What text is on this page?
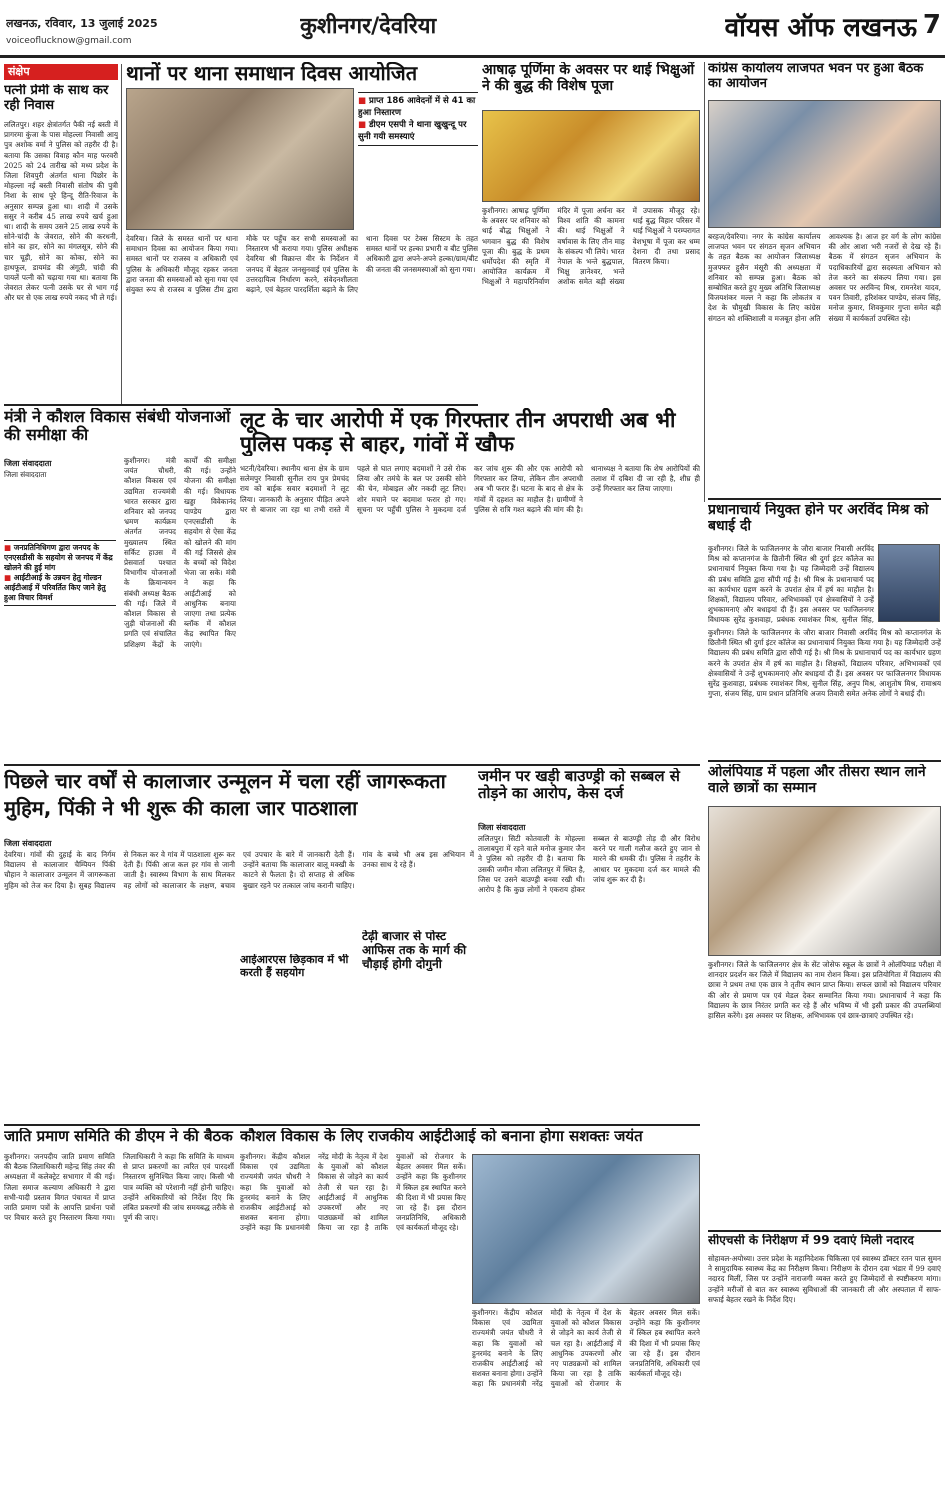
लखनऊ, रविवार, 13 जुलाई 2025
voiceoflucknow@gmail.com
कुशीनगर/देवरिया	वॉयस ऑफ लखनऊ 7
संक्षेप
पत्नी प्रेमी के साथ कर रही निवास
ललितपुर। शहर क्षेत्रांतर्गत पैकी नई बस्ती में प्रागरमा कुंजा के पास मोहल्ला निवासी आयु पुत्र अशोक वर्मा ने पुलिस को तहरीर दी है। बताया कि उसका विवाह कौन माह फरवरी 2025 को 24 तारीख को मध्य प्रदेश के जिला शिवपुरी अंतर्गत थाना पिछोर के मोहल्ला नई बस्ती निवासी संतोष की पुत्री निशा के साथ पूरे हिन्दू रीति-रिवाज के अनुसार सम्पन्न हुआ था। शादी में उसके ससुर ने करीब 45 लाख रुपये खर्च हुआ था। शादी के समय उसने 25 लाख रुपये के सोने-चांदी के जेवरात, सोने की करधनी, सोने का हार, सोने का मंगलसूत्र, सोने की चार चूड़ी, सोने का कोका, सोने का हाथफूल, डायमंड की अंगूठी, चांदी की पायलें पत्नी को चढ़ाया गया था। बताया कि जेवरात लेकर पत्नी उसके घर से भाग गई और घर से एक लाख रुपये नकद भी ले गई।
थानों पर थाना समाधान दिवस आयोजित
देवरिया। जिले के समस्त थानों पर थाना समाधान दिवस का आयोजन किया गया। समस्त थानों पर राजस्व व अधिकारी एवं पुलिस के अधिकारी मौजूद रहकर जनता द्वारा जनता की समस्याओं को सुना गया एवं संयुक्त रूप से राजस्व व पुलिस टीम द्वारा मौके पर पहुँच कर सभी समस्याओं का निस्तारण भी कराया गया। पुलिस अधीक्षक देवरिया श्री विक्रान्त वीर के निर्देशन में जनपद में बेहतर जनसुनवाई एवं पुलिस के उत्तरदायित्व निर्धारण करने, संवेदनशीलता बढ़ाने, एवं बेहतर पारदर्शिता बढ़ाने के लिए थाना दिवस पर टेक्स सिस्टम के तहत समस्त थानों पर हल्का प्रभारी व बीट पुलिस अधिकारी द्वारा अपने-अपने हल्का/ग्राम/बीट की जनता की जनसमस्याओं को सुना गया।
■ प्राप्त 186 आवेदनों में से 41 का हुआ निस्तारण
■ डीएम एसपी ने थाना खुखुन्दू पर सुनी गयी समस्याएं
आषाढ़ पूर्णिमा के अवसर पर थाई भिक्षुओं ने की बुद्ध की विशेष पूजा
कुशीनगर। आषाढ़ पूर्णिमा के अवसर पर शनिवार को थाई बौद्ध भिक्षुओं ने भगवान बुद्ध की विशेष पूजा की। बुद्ध के प्रथम धर्मोपदेश की स्मृति में आयोजित कार्यक्रम में भिक्षुओं ने महापरिनिर्वाण मंदिर में पूजा अर्चना कर विश्व शांति की कामना की। थाई भिक्षुओं ने वर्षावास के लिए तीन माह के संकल्प भी लिये। भारत नेपाल के भन्ते बुद्धपाल, भिक्षु ज्ञानेश्वर, भन्ते अशोक समेत बड़ी संख्या में उपासक मौजूद रहे। थाई बुद्ध विहार परिसर में थाई भिक्षुओं ने परम्परागत वेशभूषा में पूजा कर धम्म देशना दी तथा प्रसाद वितरण किया।
कांग्रेस कार्यालय लाजपत भवन पर हुआ बैठक का आयोजन
बरहज/देवरिया। नगर के कांग्रेस कार्यालय लाजपत भवन पर संगठन सृजन अभियान के तहत बैठक का आयोजन जिलाध्यक्ष मुजफ्फर हुसैन मंसूरी की अध्यक्षता में शनिवार को सम्पन्न हुआ। बैठक को सम्बोधित करते हुए मुख्य अतिथि जिलाध्यक्ष विजयशंकर मल्ल ने कहा कि लोकतंत्र व देश के चौमुखी विकास के लिए कांग्रेस संगठन को शक्तिशाली व मजबूत होना अति आवश्यक है। आज हर वर्ग के लोग कांग्रेस की ओर आशा भरी नजरों से देख रहे हैं। बैठक में संगठन सृजन अभियान के पदाधिकारियों द्वारा सदस्यता अभियान को तेज करने का संकल्प लिया गया। इस अवसर पर अरविन्द मिश्र, रामनरेश यादव, पवन तिवारी, हरिशंकर पाण्डेय, संजय सिंह, मनोज कुमार, शिवकुमार गुप्ता समेत बड़ी संख्या में कार्यकर्ता उपस्थित रहे।
मंत्री ने कौशल विकास संबंधी योजनाओं की समीक्षा की
जिला संवाददाता
■ जनप्रतिनिधिगण द्वारा जनपद के एनएसडीसी के सहयोग से जनपद में केंद्र खोलने की हुई मांग
■ आईटीआई के उन्नयन हेतु गोल्डन आईटीआई में परिवर्तित किए जाने हेतु हुआ विचार विमर्श
जिला संवाददाता
कुशीनगर। मंत्री जयंत चौधरी, कौशल विकास एवं उद्यमिता राज्यमंत्री भारत सरकार द्वारा शनिवार को जनपद भ्रमण कार्यक्रम अंतर्गत जनपद मुख्यालय स्थित सर्किट हाउस में प्रेसवार्ता पश्चात विभागीय योजनाओं के क्रियान्वयन संबंधी अध्यक्ष बैठक की गई। जिले में कौशल विकास से जुड़ी योजनाओं की प्रगति एवं संचालित प्रशिक्षण केंद्रों के कार्यों की समीक्षा की गई। उन्होंने योजना की समीक्षा की गई। विधायक खड्डा विवेकानंद पाण्डेय द्वारा एनएसडीसी के सहयोग से ऐसा केंद्र को खोलने की मांग की गई जिससे क्षेत्र के बच्चों को विदेश भेजा जा सके। मंत्री ने कहा कि आईटीआई को आधुनिक बनाया जाएगा तथा प्रत्येक ब्लॉक में कौशल केंद्र स्थापित किए जाएंगे।
लूट के चार आरोपी में एक गिरफ्तार तीन अपराधी अब भी पुलिस पकड़ से बाहर, गांवों में खौफ
भटनी/देवरिया। स्थानीय थाना क्षेत्र के ग्राम सलेमपुर निवासी सुनील राय पुत्र प्रेमचंद राय को बाईक सवार बदमाशों ने लूट लिया। जानकारी के अनुसार पीड़ित अपने घर से बाजार जा रहा था तभी रास्ते में पहले से घात लगाए बदमाशों ने उसे रोक लिया और तमंचे के बल पर उसकी सोने की चेन, मोबाइल और नकदी लूट लिए। शोर मचाने पर बदमाश फरार हो गए। सूचना पर पहुँची पुलिस ने मुकदमा दर्ज कर जांच शुरू की और एक आरोपी को गिरफ्तार कर लिया, लेकिन तीन अपराधी अब भी फरार हैं। घटना के बाद से क्षेत्र के गांवों में दहशत का माहौल है। ग्रामीणों ने पुलिस से रात्रि गश्त बढ़ाने की मांग की है। थानाध्यक्ष ने बताया कि शेष आरोपियों की तलाश में दबिश दी जा रही है, शीघ्र ही उन्हें गिरफ्तार कर लिया जाएगा।
प्रधानाचार्य नियुक्त होने पर अरविंद मिश्र को बधाई दी
कुशीनगर। जिले के फाजिलनगर के जौरा बाजार निवासी अरविंद मिश्र को कप्तानगंज के छितौनी स्थित श्री दुर्गा इंटर कॉलेज का प्रधानाचार्य नियुक्त किया गया है। यह जिम्मेदारी उन्हें विद्यालय की प्रबंध समिति द्वारा सौंपी गई है। श्री मिश्र के प्रधानाचार्य पद का कार्यभार ग्रहण करने के उपरांत क्षेत्र में हर्ष का माहौल है। शिक्षकों, विद्यालय परिवार, अभिभावकों एवं क्षेत्रवासियों ने उन्हें शुभकामनाएं और बधाइयां दी हैं। इस अवसर पर फाजिलनगर विधायक सुरेंद्र कुशवाहा, प्रबंधक रमाशंकर मिश्र, सुनील सिंह,
कुशीनगर। जिले के फाजिलनगर के जौरा बाजार निवासी अरविंद मिश्र को कप्तानगंज के छितौनी स्थित श्री दुर्गा इंटर कॉलेज का प्रधानाचार्य नियुक्त किया गया है। यह जिम्मेदारी उन्हें विद्यालय की प्रबंध समिति द्वारा सौंपी गई है। श्री मिश्र के प्रधानाचार्य पद का कार्यभार ग्रहण करने के उपरांत क्षेत्र में हर्ष का माहौल है। शिक्षकों, विद्यालय परिवार, अभिभावकों एवं क्षेत्रवासियों ने उन्हें शुभकामनाएं और बधाइयां दी हैं। इस अवसर पर फाजिलनगर विधायक सुरेंद्र कुशवाहा, प्रबंधक रमाशंकर मिश्र, सुनील सिंह, अनुप मिश्र, आशुतोष मिश्र, रामाश्रय गुप्ता, संजय सिंह, ग्राम प्रधान प्रतिनिधि अजय तिवारी समेत अनेक लोगों ने बधाई दी।
पिछले चार वर्षों से कालाजार उन्मूलन में चला रहीं जागरूकता मुहिम, पिंकी ने भी शुरू की काला जार पाठशाला
जिला संवाददाता
देवरिया। गांवों की दुहाई के बाद निर्गम विद्यालय से कालाजार चैम्पियन पिंकी चौहान ने कालाजार उन्मूलन में जागरूकता मुहिम को तेज कर दिया है। सुबह विद्यालय से निकल कर वे गांव में पाठशाला शुरू कर देती हैं। पिंकी आज कल हर गांव से जानी जाती है। स्वास्थ्य विभाग के साथ मिलकर वह लोगों को कालाजार के लक्षण, बचाव एवं उपचार के बारे में जानकारी देती हैं। उन्होंने बताया कि कालाजार बालू मक्खी के काटने से फैलता है। दो सप्ताह से अधिक बुखार रहने पर तत्काल जांच करानी चाहिए। गांव के बच्चे भी अब इस अभियान में उनका साथ दे रहे हैं।
टेढ़ी बाजार से पोस्ट आफिस तक के मार्ग की चौड़ाई होगी दोगुनी
आईआरएस छिड़काव में भी करती हैं सहयोग
जमीन पर खड़ी बाउण्ड्री को सब्बल से तोड़ने का आरोप, केस दर्ज
जिला संवाददाता
ललितपुर। सिटी कोतवाली के मोहल्ला तालाबपुरा में रहने वाले मनोज कुमार जैन ने पुलिस को तहरीर दी है। बताया कि उसकी जमीन मौजा ललितपुर में स्थित है, जिस पर उसने बाउण्ड्री बनवा रखी थी। आरोप है कि कुछ लोगों ने एकराय होकर सब्बल से बाउण्ड्री तोड़ दी और विरोध करने पर गाली गलौज करते हुए जान से मारने की धमकी दी। पुलिस ने तहरीर के आधार पर मुकदमा दर्ज कर मामले की जांच शुरू कर दी है।
ओलंपियाड में पहला और तीसरा स्थान लाने वाले छात्रों का सम्मान
कुशीनगर। जिले के फाजिलनगर क्षेत्र के सेंट जोसेफ स्कूल के छात्रों ने ओलंपियाड परीक्षा में शानदार प्रदर्शन कर जिले में विद्यालय का नाम रोशन किया। इस प्रतियोगिता में विद्यालय की छात्रा ने प्रथम तथा एक छात्र ने तृतीय स्थान प्राप्त किया। सफल छात्रों को विद्यालय परिवार की ओर से प्रमाण पत्र एवं मेडल देकर सम्मानित किया गया। प्रधानाचार्य ने कहा कि विद्यालय के छात्र निरंतर प्रगति कर रहे हैं और भविष्य में भी इसी प्रकार की उपलब्धियां हासिल करेंगे। इस अवसर पर शिक्षक, अभिभावक एवं छात्र-छात्राएं उपस्थित रहे।
जाति प्रमाण समिति की डीएम ने की बैठक
कुशीनगर। जनपदीय जाति प्रमाण समिति की बैठक जिलाधिकारी महेन्द्र सिंह तंवर की अध्यक्षता में कलेक्ट्रेट सभागार में की गई। जिला समाज कल्याण अधिकारी ने द्वारा सभी-यादी प्रस्ताव विगत पंचायत में प्राप्त जाति प्रमाण पत्रों के आपत्ति प्रार्थना पत्रों पर विचार करते हुए निस्तारण किया गया। जिलाधिकारी ने कहा कि समिति के माध्यम से प्राप्त प्रकरणों का त्वरित एवं पारदर्शी निस्तारण सुनिश्चित किया जाए। किसी भी पात्र व्यक्ति को परेशानी नहीं होनी चाहिए। उन्होंने अधिकारियों को निर्देश दिए कि लंबित प्रकरणों की जांच समयबद्ध तरीके से पूर्ण की जाए।
कौशल विकास के लिए राजकीय आईटीआई को बनाना होगा सशक्तः जयंत
कुशीनगर। केंद्रीय कौशल विकास एवं उद्यमिता राज्यमंत्री जयंत चौधरी ने कहा कि युवाओं को हुनरमंद बनाने के लिए राजकीय आईटीआई को सशक्त बनाना होगा। उन्होंने कहा कि प्रधानमंत्री नरेंद्र मोदी के नेतृत्व में देश के युवाओं को कौशल विकास से जोड़ने का कार्य तेजी से चल रहा है। आईटीआई में आधुनिक उपकरणों और नए पाठ्यक्रमों को शामिल किया जा रहा है ताकि युवाओं को रोजगार के बेहतर अवसर मिल सकें। उन्होंने कहा कि कुशीनगर में स्किल हब स्थापित करने की दिशा में भी प्रयास किए जा रहे हैं। इस दौरान जनप्रतिनिधि, अधिकारी एवं कार्यकर्ता मौजूद रहे।
कुशीनगर। केंद्रीय कौशल विकास एवं उद्यमिता राज्यमंत्री जयंत चौधरी ने कहा कि युवाओं को हुनरमंद बनाने के लिए राजकीय आईटीआई को सशक्त बनाना होगा। उन्होंने कहा कि प्रधानमंत्री नरेंद्र मोदी के नेतृत्व में देश के युवाओं को कौशल विकास से जोड़ने का कार्य तेजी से चल रहा है। आईटीआई में आधुनिक उपकरणों और नए पाठ्यक्रमों को शामिल किया जा रहा है ताकि युवाओं को रोजगार के बेहतर अवसर मिल सकें। उन्होंने कहा कि कुशीनगर में स्किल हब स्थापित करने की दिशा में भी प्रयास किए जा रहे हैं। इस दौरान जनप्रतिनिधि, अधिकारी एवं कार्यकर्ता मौजूद रहे।
सीएचसी के निरीक्षण में 99 दवाएं मिली नदारद
सोहावल-अयोध्या। उत्तर प्रदेश के महानिदेशक चिकित्सा एवं स्वास्थ्य डॉक्टर रतन पाल सुमन ने सामुदायिक स्वास्थ्य केंद्र का निरीक्षण किया। निरीक्षण के दौरान दवा भंडार में 99 दवाएं नदारद मिलीं, जिस पर उन्होंने नाराजगी व्यक्त करते हुए जिम्मेदारों से स्पष्टीकरण मांगा। उन्होंने मरीजों से बात कर स्वास्थ्य सुविधाओं की जानकारी ली और अस्पताल में साफ-सफाई बेहतर रखने के निर्देश दिए।
